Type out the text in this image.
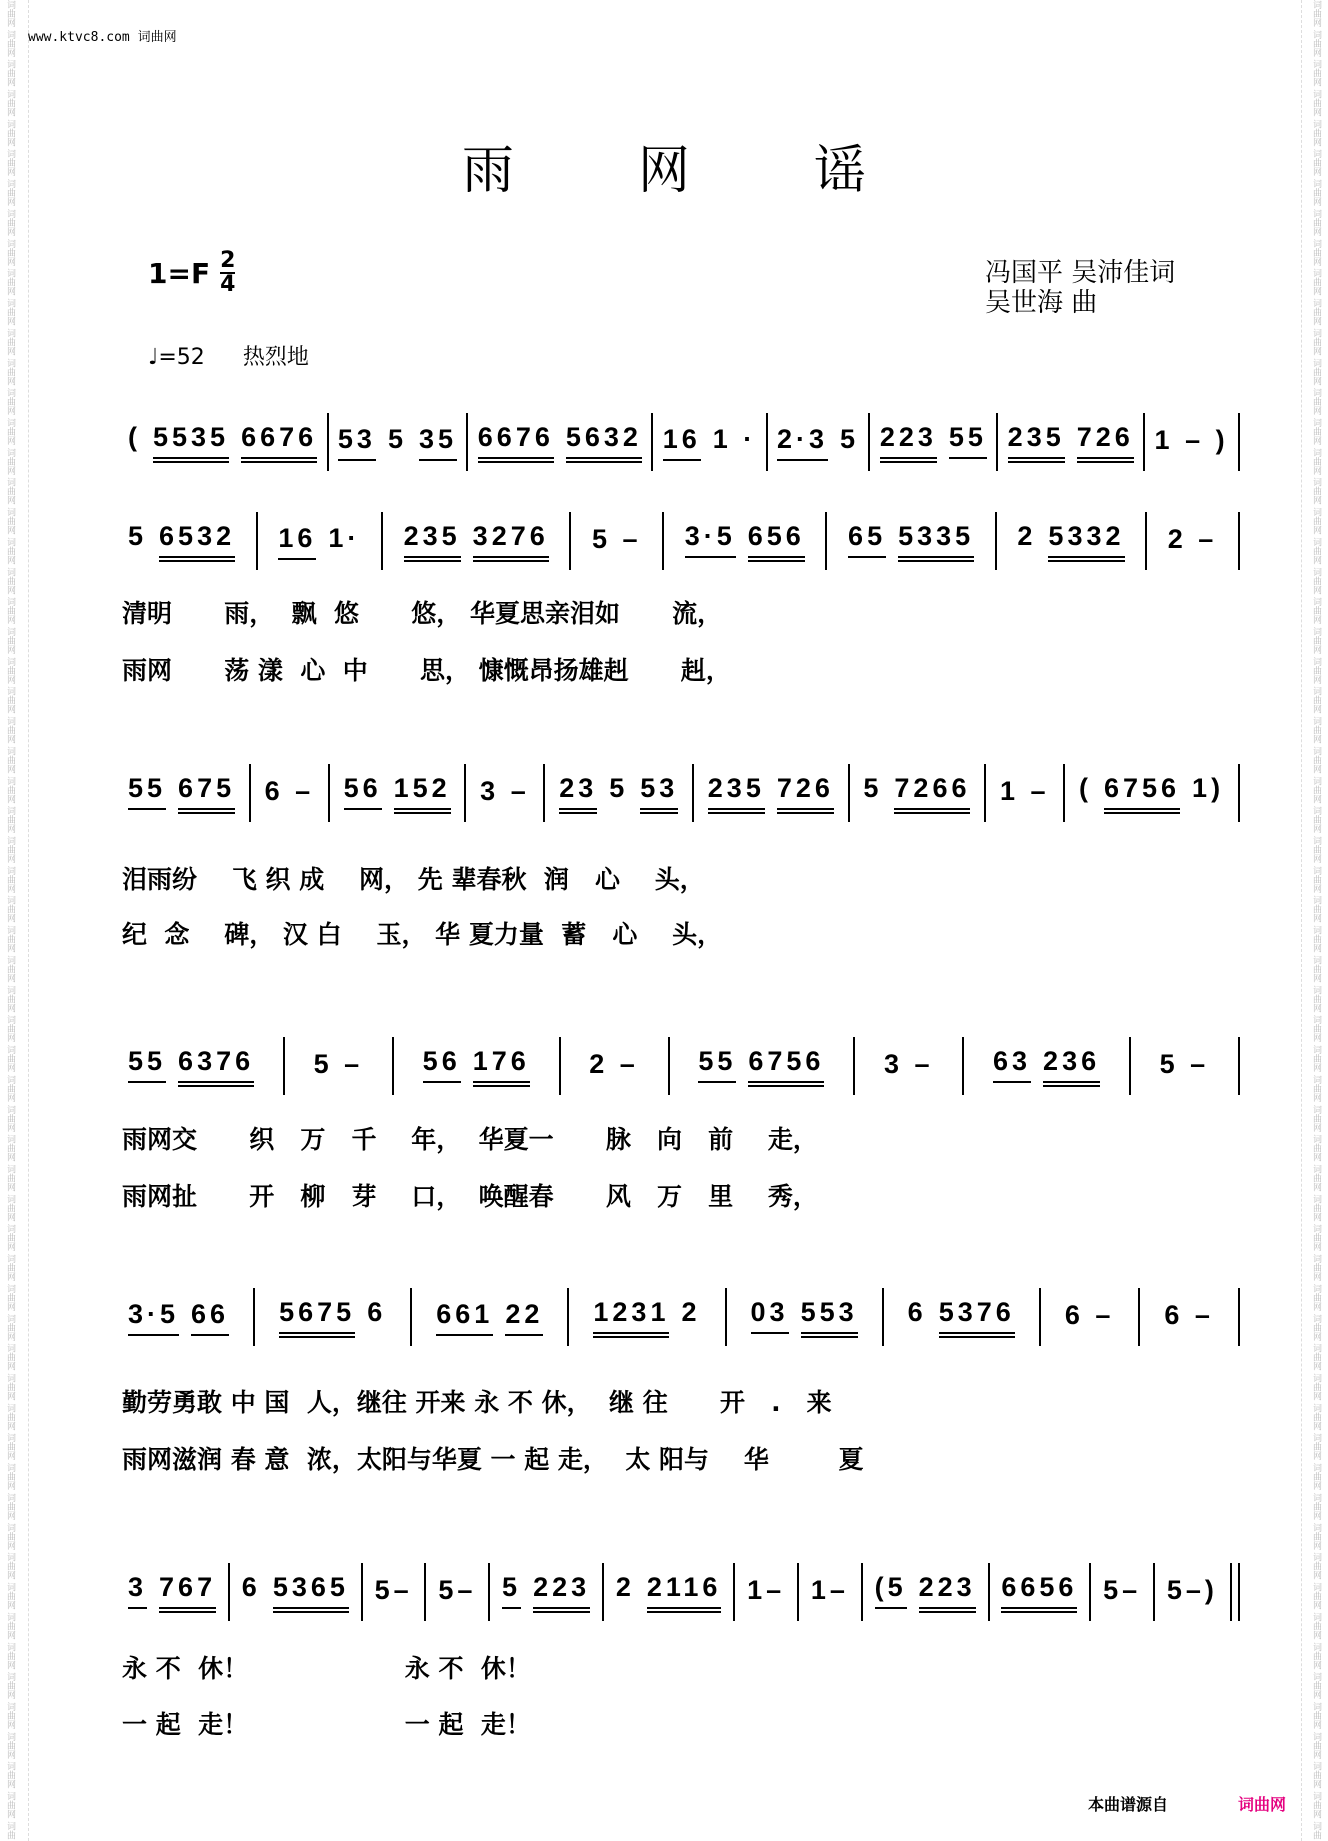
词曲网 词曲网 词曲网 词曲网 词曲网 词曲网 词曲网 词曲网 词曲网 词曲网 词曲网 词曲网 词曲网 词曲网 词曲网 词曲网 词曲网 词曲网 词曲网 词曲网 词曲网 词曲网 词曲网 词曲网 词曲网 词曲网 词曲网 词曲网 词曲网 词曲网 词曲网 词曲网 词曲网 词曲网 词曲网 词曲网 词曲网 词曲网 词曲网 词曲网 词曲网 词曲网 词曲网 词曲网 词曲网 词曲网 词曲网 词曲网 词曲网 词曲网 词曲网 词曲网 词曲网 词曲网 词曲网 词曲网 词曲网 词曲网 词曲网 词曲网 词曲网 词曲
词曲网 词曲网 词曲网 词曲网 词曲网 词曲网 词曲网 词曲网 词曲网 词曲网 词曲网 词曲网 词曲网 词曲网 词曲网 词曲网 词曲网 词曲网 词曲网 词曲网 词曲网 词曲网 词曲网 词曲网 词曲网 词曲网 词曲网 词曲网 词曲网 词曲网 词曲网 词曲网 词曲网 词曲网 词曲网 词曲网 词曲网 词曲网 词曲网 词曲网 词曲网 词曲网 词曲网 词曲网 词曲网 词曲网 词曲网 词曲网 词曲网 词曲网 词曲网 词曲网 词曲网 词曲网 词曲网 词曲网 词曲网 词曲网 词曲网 词曲网 词曲网 词曲
www.ktvc8.com 词曲网
雨 网 谣
$1=F \frac{2}{4}$	冯国平 吴沛佳词
吴世海 曲
♩=52 热烈地
( 5535 6676 53 5 35 6676 5632 16 1 · 2·3 5 223 55 235 726 1 – )
5 6532 16 1· 235 3276 5 – 3·5 656 65 5335 2 5332 2 –
清明      雨，  飘  悠      悠， 华夏思亲泪如      流，
雨网      荡 漾  心  中      思， 慷慨昂扬雄赳      赳，
55 675 6 – 56 152 3 – 23 5 53 235 726 5 7266 1 – ( 6756 1)
泪雨纷    飞 织 成    网， 先 辈春秋  润   心    头，
纪  念    碑， 汉 白    玉， 华 夏力量  蓄   心    头，
55 6376 5 – 56 176 2 – 55 6756 3 – 63 236 5 –
雨网交      织   万   千    年，  华夏一      脉   向   前    走，
雨网扯      开   柳   芽    口，  唤醒春      风   万   里    秀，
3·5 66 5675 6 661 22 1231 2 03 553 6 5376 6 – 6 –
勤劳勇敢 中 国  人，继往 开来 永 不 休，  继 往      开   .   来
雨网滋润 春 意  浓，太阳与华夏 一 起 走，  太 阳与    华        夏
3 767 6 5365 5– 5– 5 223 2 2116 1– 1– (5 223 6656 5– 5–)
永 不  休！                  永 不  休！
一 起  走！                  一 起  走！
本曲谱源自	词曲网
